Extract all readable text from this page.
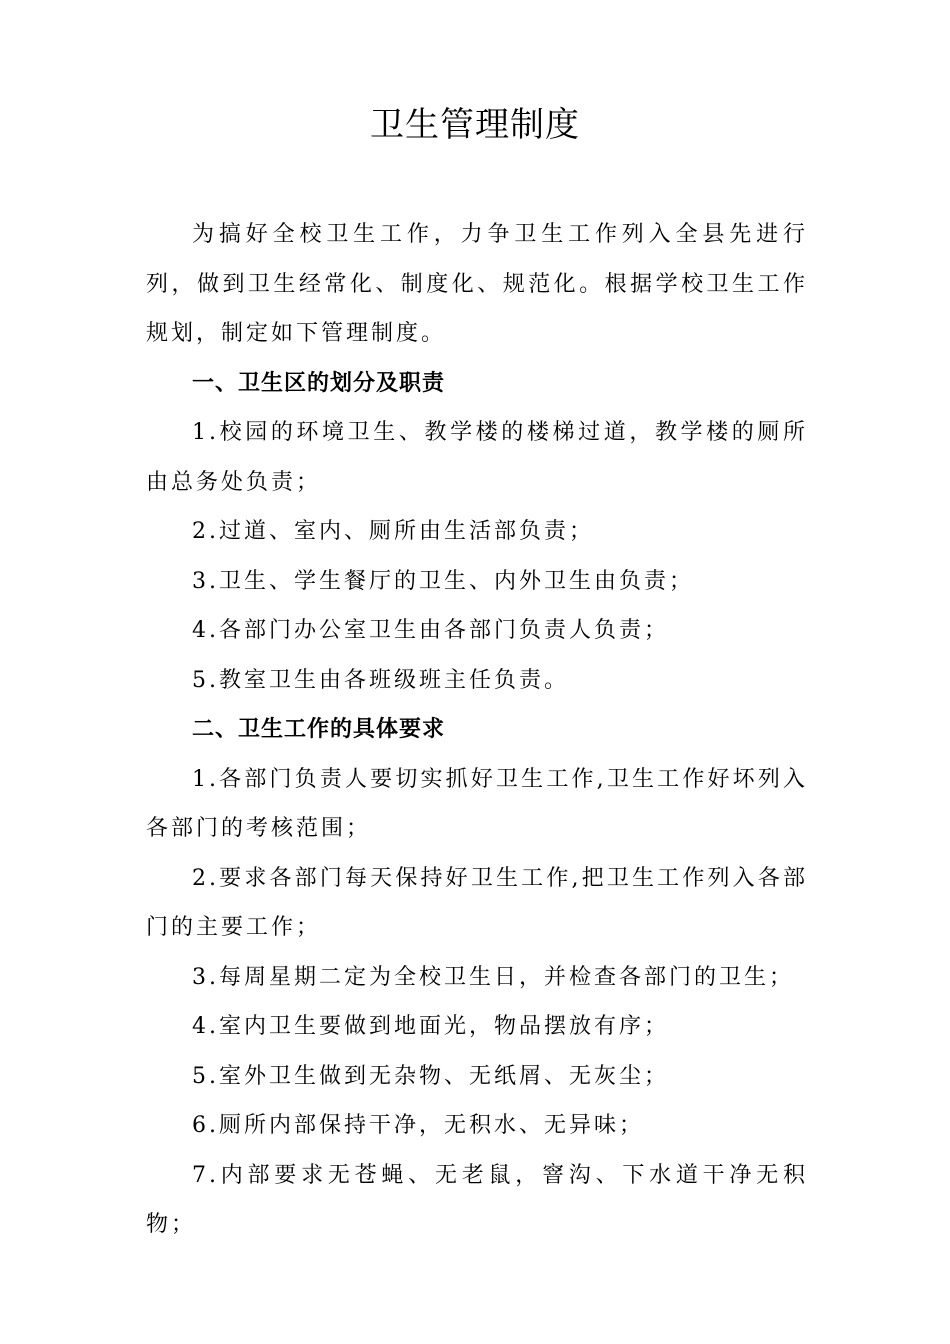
卫生管理制度

为搞好全校卫生工作，力争卫生工作列入全县先进行列，做到卫生经常化、制度化、规范化。根据学校卫生工作规划，制定如下管理制度。

一、卫生区的划分及职责

1.校园的环境卫生、教学楼的楼梯过道，教学楼的厕所由总务处负责；

2.过道、室内、厕所由生活部负责；

3.卫生、学生餐厅的卫生、内外卫生由负责；

4.各部门办公室卫生由各部门负责人负责；

5.教室卫生由各班级班主任负责。

二、卫生工作的具体要求

1.各部门负责人要切实抓好卫生工作,卫生工作好坏列入各部门的考核范围；

2.要求各部门每天保持好卫生工作,把卫生工作列入各部门的主要工作；

3.每周星期二定为全校卫生日，并检查各部门的卫生；

4.室内卫生要做到地面光，物品摆放有序；

5.室外卫生做到无杂物、无纸屑、无灰尘；

6.厕所内部保持干净，无积水、无异味；

7.内部要求无苍蝇、无老鼠，窨沟、下水道干净无积物；
